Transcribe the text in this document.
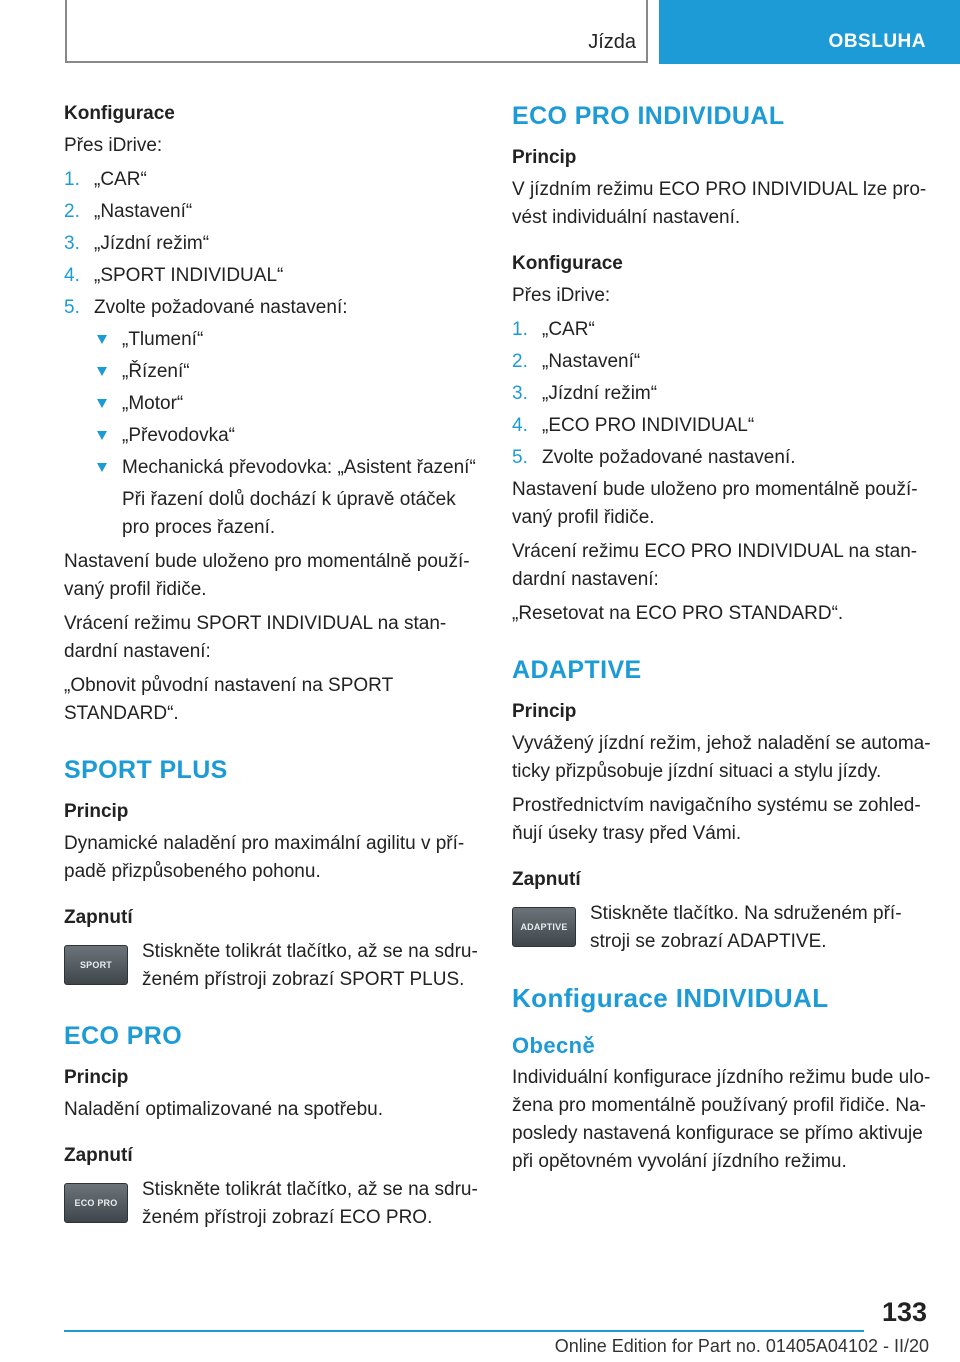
Jízda	OBSLUHA

Konfigurace

Přes iDrive:

1. „CAR“
2. „Nastavení“
3. „Jízdní režim“
4. „SPORT INDIVIDUAL“
5. Zvolte požadované nastavení:
„Tlumení“
„Řízení“
„Motor“
„Převodovka“
Mechanická převodovka: „Asistent řazení“

Při řazení dolů dochází k úpravě otáček pro proces řazení.

Nastavení bude uloženo pro momentálně používaný profil řidiče.

Vrácení režimu SPORT INDIVIDUAL na standardní nastavení:

„Obnovit původní nastavení na SPORT STANDARD“.

SPORT PLUS

Princip

Dynamické naladění pro maximální agilitu v případě přizpůsobeného pohonu.

Zapnutí

SPORT
Stiskněte tolikrát tlačítko, až se na sdruženém přístroji zobrazí SPORT PLUS.
ECO PRO

Princip

Naladění optimalizované na spotřebu.

Zapnutí

ECO PRO
Stiskněte tolikrát tlačítko, až se na sdruženém přístroji zobrazí ECO PRO.
ECO PRO INDIVIDUAL

Princip

V jízdním režimu ECO PRO INDIVIDUAL lze provést individuální nastavení.

Konfigurace

Přes iDrive:

1. „CAR“
2. „Nastavení“
3. „Jízdní režim“
4. „ECO PRO INDIVIDUAL“
5. Zvolte požadované nastavení.

Nastavení bude uloženo pro momentálně používaný profil řidiče.

Vrácení režimu ECO PRO INDIVIDUAL na standardní nastavení:

„Resetovat na ECO PRO STANDARD“.

ADAPTIVE

Princip

Vyvážený jízdní režim, jehož naladění se automaticky přizpůsobuje jízdní situaci a stylu jízdy.

Prostřednictvím navigačního systému se zohledňují úseky trasy před Vámi.

Zapnutí

ADAPTIVE
Stiskněte tlačítko. Na sdruženém přístroji se zobrazí ADAPTIVE.
Konfigurace INDIVIDUAL
Obecně

Individuální konfigurace jízdního režimu bude uložena pro momentálně používaný profil řidiče. Naposledy nastavená konfigurace se přímo aktivuje při opětovném vyvolání jízdního režimu.

133
Online Edition for Part no. 01405A04102 - II/20
